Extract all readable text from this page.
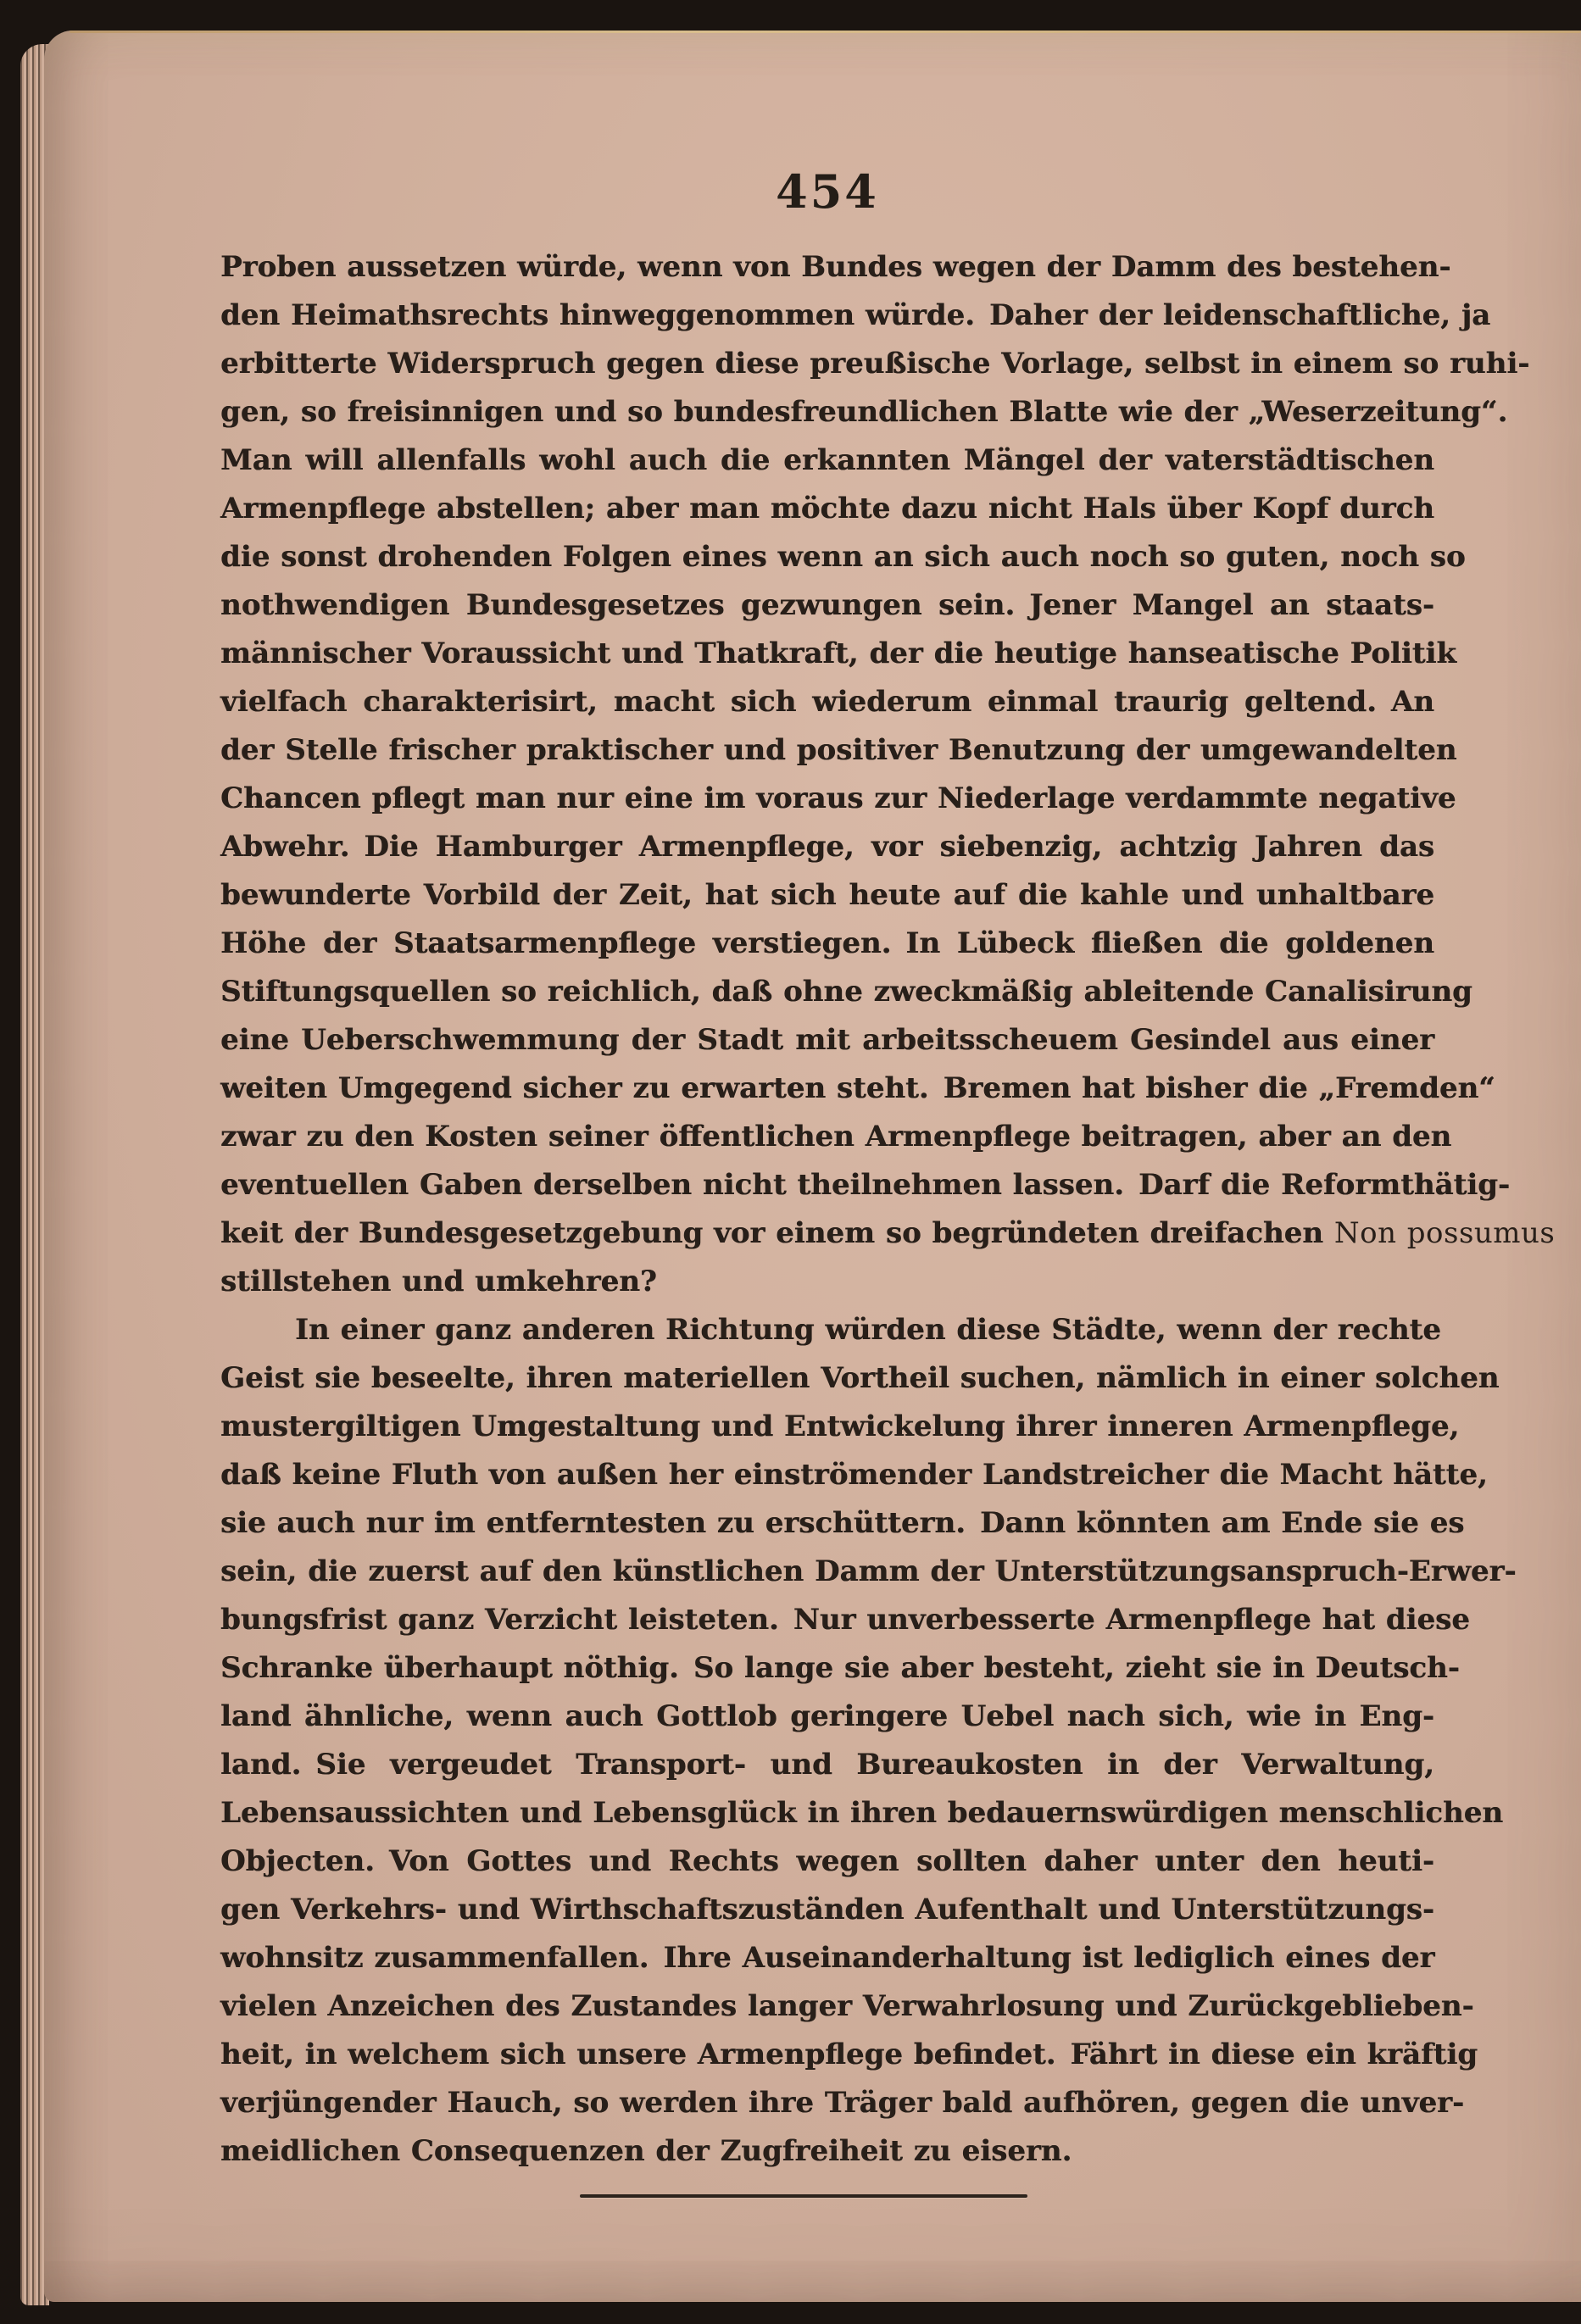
454
Proben aussetzen würde, wenn von Bundes wegen der Damm des bestehen-
den Heimathsrechts hinweggenommen würde. Daher der leidenschaftliche, ja
erbitterte Widerspruch gegen diese preußische Vorlage, selbst in einem so ruhi-
gen, so freisinnigen und so bundesfreundlichen Blatte wie der „Weserzeitung“.
Man will allenfalls wohl auch die erkannten Mängel der vaterstädtischen
Armenpflege abstellen; aber man möchte dazu nicht Hals über Kopf durch
die sonst drohenden Folgen eines wenn an sich auch noch so guten, noch so
nothwendigen Bundesgesetzes gezwungen sein. Jener Mangel an staats-
männischer Voraussicht und Thatkraft, der die heutige hanseatische Politik
vielfach charakterisirt, macht sich wiederum einmal traurig geltend. An
der Stelle frischer praktischer und positiver Benutzung der umgewandelten
Chancen pflegt man nur eine im voraus zur Niederlage verdammte negative
Abwehr. Die Hamburger Armenpflege, vor siebenzig, achtzig Jahren das
bewunderte Vorbild der Zeit, hat sich heute auf die kahle und unhaltbare
Höhe der Staatsarmenpflege verstiegen. In Lübeck fließen die goldenen
Stiftungsquellen so reichlich, daß ohne zweckmäßig ableitende Canalisirung
eine Ueberschwemmung der Stadt mit arbeitsscheuem Gesindel aus einer
weiten Umgegend sicher zu erwarten steht. Bremen hat bisher die „Fremden“
zwar zu den Kosten seiner öffentlichen Armenpflege beitragen, aber an den
eventuellen Gaben derselben nicht theilnehmen lassen. Darf die Reformthätig-
keit der Bundesgesetzgebung vor einem so begründeten dreifachen Non possumus
stillstehen und umkehren?
In einer ganz anderen Richtung würden diese Städte, wenn der rechte
Geist sie beseelte, ihren materiellen Vortheil suchen, nämlich in einer solchen
mustergiltigen Umgestaltung und Entwickelung ihrer inneren Armenpflege,
daß keine Fluth von außen her einströmender Landstreicher die Macht hätte,
sie auch nur im entferntesten zu erschüttern. Dann könnten am Ende sie es
sein, die zuerst auf den künstlichen Damm der Unterstützungsanspruch-Erwer-
bungsfrist ganz Verzicht leisteten. Nur unverbesserte Armenpflege hat diese
Schranke überhaupt nöthig. So lange sie aber besteht, zieht sie in Deutsch-
land ähnliche, wenn auch Gottlob geringere Uebel nach sich, wie in Eng-
land. Sie vergeudet Transport- und Bureaukosten in der Verwaltung,
Lebensaussichten und Lebensglück in ihren bedauernswürdigen menschlichen
Objecten. Von Gottes und Rechts wegen sollten daher unter den heuti-
gen Verkehrs- und Wirthschaftszuständen Aufenthalt und Unterstützungs-
wohnsitz zusammenfallen. Ihre Auseinanderhaltung ist lediglich eines der
vielen Anzeichen des Zustandes langer Verwahrlosung und Zurückgeblieben-
heit, in welchem sich unsere Armenpflege befindet. Fährt in diese ein kräftig
verjüngender Hauch, so werden ihre Träger bald aufhören, gegen die unver-
meidlichen Consequenzen der Zugfreiheit zu eisern.
